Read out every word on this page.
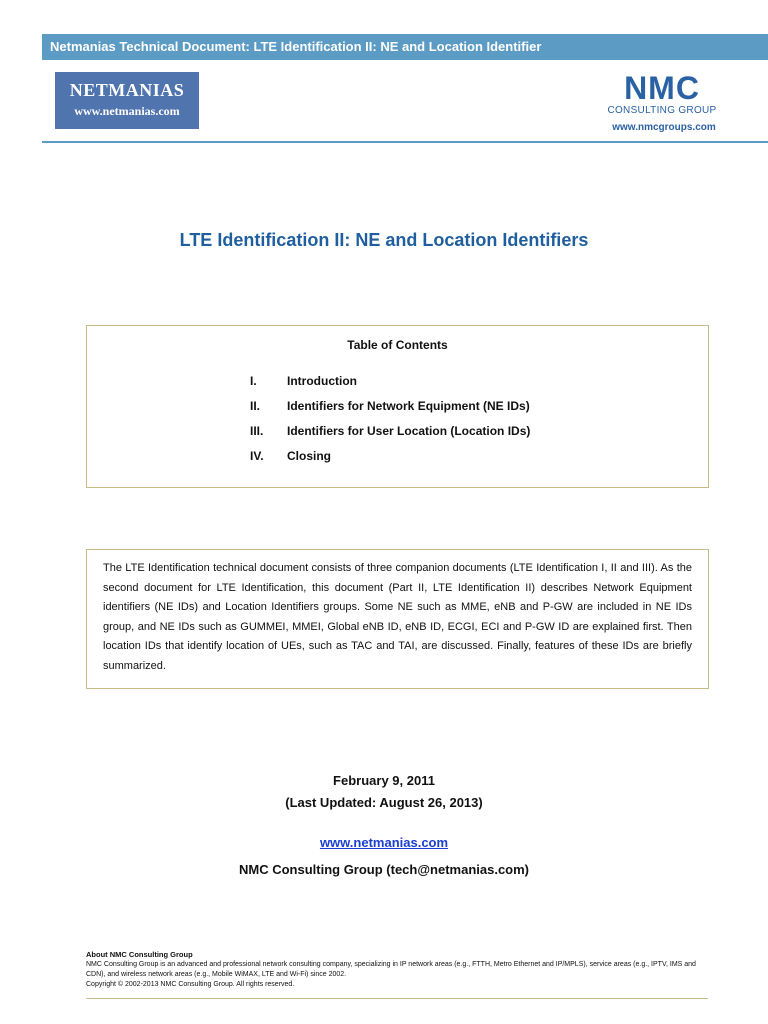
Netmanias Technical Document: LTE Identification II: NE and Location Identifier
NETMANIAS
www.netmanias.com
NMC
CONSULTING GROUP
www.nmcgroups.com
LTE Identification II: NE and Location Identifiers
Table of Contents
I.	Introduction
II. Identifiers for Network Equipment (NE IDs)
III. Identifiers for User Location (Location IDs)
IV. Closing
The LTE Identification technical document consists of three companion documents (LTE Identification I, II and III). As the second document for LTE Identification, this document (Part II, LTE Identification II) describes Network Equipment identifiers (NE IDs) and Location Identifiers groups. Some NE such as MME, eNB and P-GW are included in NE IDs group, and NE IDs such as GUMMEI, MMEI, Global eNB ID, eNB ID, ECGI, ECI and P-GW ID are explained first. Then location IDs that identify location of UEs, such as TAC and TAI, are discussed. Finally, features of these IDs are briefly summarized.
February 9, 2011
(Last Updated: August 26, 2013)
www.netmanias.com
NMC Consulting Group (tech@netmanias.com)
About NMC Consulting Group
NMC Consulting Group is an advanced and professional network consulting company, specializing in IP network areas (e.g., FTTH, Metro Ethernet and IP/MPLS), service areas (e.g., IPTV, IMS and CDN), and wireless network areas (e.g., Mobile WiMAX, LTE and Wi-Fi) since 2002.
Copyright © 2002-2013 NMC Consulting Group. All rights reserved.
